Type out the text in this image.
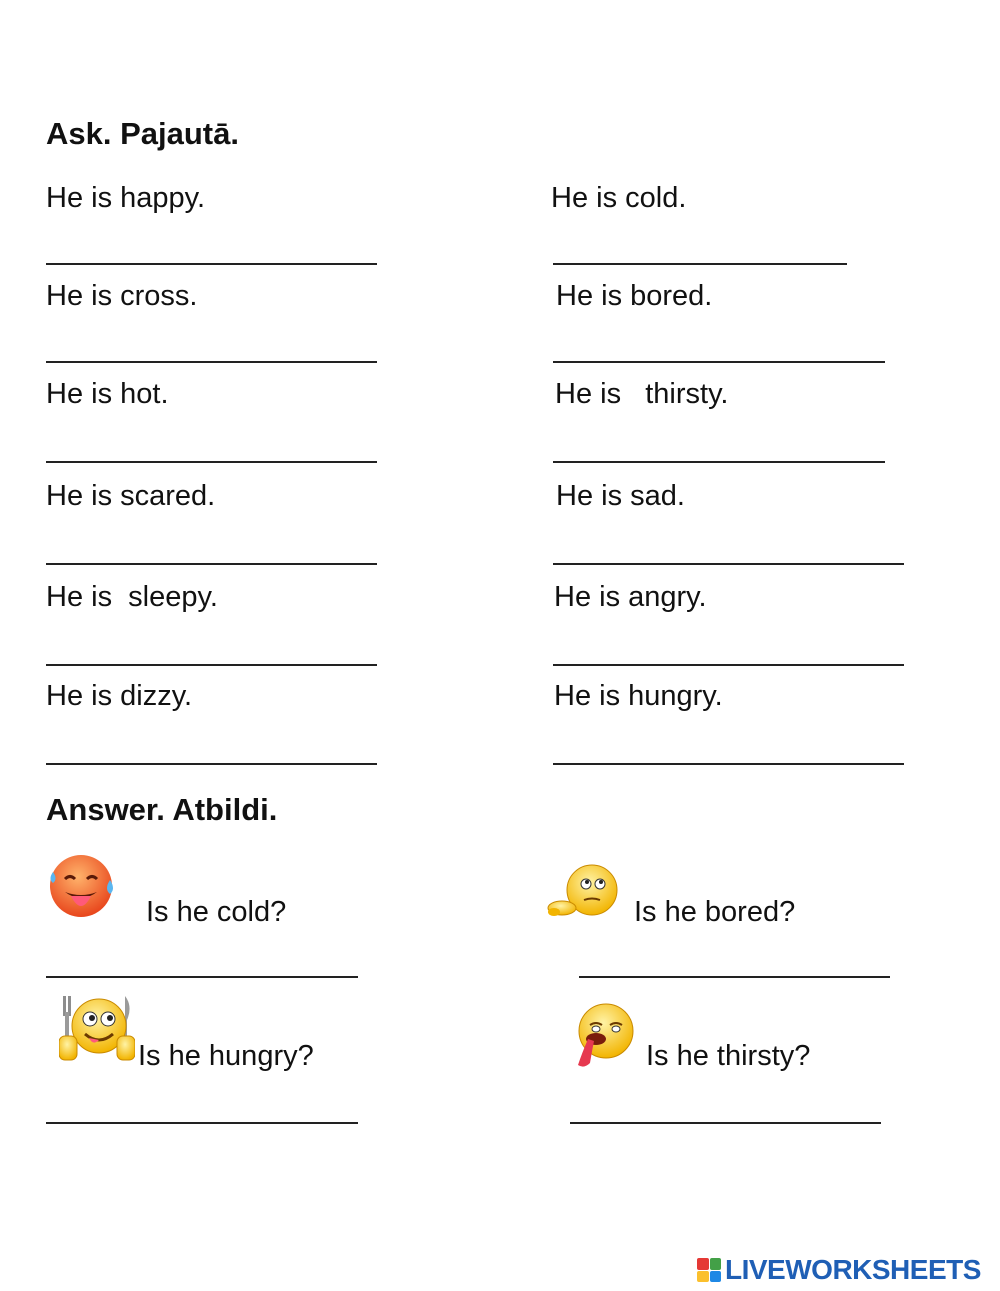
Ask. Pajautā.
He is happy.
He is cross.
He is hot.
He is scared.
He is  sleepy.
He is dizzy.
He is cold.
He is bored.
He is   thirsty.
He is sad.
He is angry.
He is hungry.
Answer. Atbildi.
Is he cold?	Is he bored?
Is he hungry?	Is he thirsty?
LIVEWORKSHEETS
